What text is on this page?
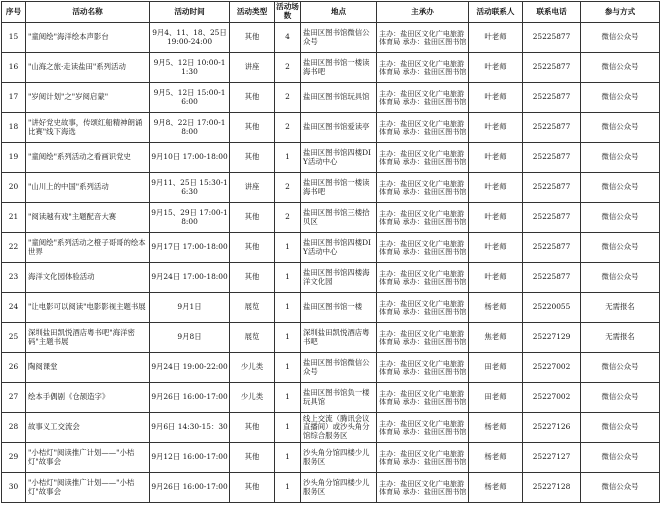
序号	活动名称	活动时间	活动类型	活动场数	地点	主承办	活动联系人	联系电话	参与方式
15	"童阅绘"海洋绘本声影台	9月4、11、18、25日 19:00-24:00	其他	4	盐田区图书馆微信公众号	主办：盐田区文化广电旅游体育局 承办：盐田区图书馆	叶老师	25225877	微信公众号
16	"山海之旅·走读盐田"系列活动	9月5、12日 10:00-11:30	讲座	2	盐田区图书馆一楼读海书吧	主办：盐田区文化广电旅游体育局 承办：盐田区图书馆	叶老师	25225877	微信公众号
17	"岁阅计划"之"岁阅启蒙"	9月5、12日 15:00-16:00	其他	2	盐田区图书馆玩具馆	主办：盐田区文化广电旅游体育局 承办：盐田区图书馆	叶老师	25225877	微信公众号
18	"讲好党史故事，传颂红船精神朗诵比赛"线下海选	9月8、22日 17:00-18:00	其他	2	盐田区图书馆爱读亭	主办：盐田区文化广电旅游体育局 承办：盐田区图书馆	叶老师	25225877	微信公众号
19	"童阅绘"系列活动之看画识党史	9月10日 17:00-18:00	其他	1	盐田区图书馆四楼DIY活动中心	主办：盐田区文化广电旅游体育局 承办：盐田区图书馆	叶老师	25225877	微信公众号
20	"山川上的中国"系列活动	9月11、25日 15:30-16:30	讲座	2	盐田区图书馆一楼读海书吧	主办：盐田区文化广电旅游体育局 承办：盐田区图书馆	叶老师	25225877	微信公众号
21	"阅读越有戏"主题配音大赛	9月15、29日 17:00-18:00	其他	2	盐田区图书馆三楼拾贝区	主办：盐田区文化广电旅游体育局 承办：盐田区图书馆	叶老师	25225877	微信公众号
22	"童阅绘"系列活动之橙子哥哥的绘本世界	9月17日 17:00-18:00	其他	1	盐田区图书馆四楼DIY活动中心	主办：盐田区文化广电旅游体育局 承办：盐田区图书馆	叶老师	25225877	微信公众号
23	海洋文化园体验活动	9月24日 17:00-18:00	其他	1	盐田区图书馆四楼海洋文化园	主办：盐田区文化广电旅游体育局 承办：盐田区图书馆	叶老师	25225877	微信公众号
24	"让电影可以阅读"电影影视主题书展	9月1日	展览	1	盐田区图书馆一楼	主办：盐田区文化广电旅游体育局 承办：盐田区图书馆	杨老师	25220055	无需报名
25	深圳盐田凯悦酒店粤书吧"海洋密码"主题书展	9月8日	展览	1	深圳盐田凯悦酒店粤书吧	主办：盐田区文化广电旅游体育局 承办：盐田区图书馆	焦老师	25227129	无需报名
26	陶阅课堂	9月24日 19:00-22:00	少儿类	1	盐田区图书馆微信公众号	主办：盐田区文化广电旅游体育局 承办：盐田区图书馆	田老师	25227002	微信公众号
27	绘本手偶剧《仓颉造字》	9月26日 16:00-17:00	少儿类	1	盐田区图书馆负一楼玩具馆	主办：盐田区文化广电旅游体育局 承办：盐田区图书馆	田老师	25227002	微信公众号
28	故事义工交流会	9月6日 14:30-15：30	其他	1	线上交流（腾讯会议直播间）或沙头角分馆综合服务区	主办：盐田区文化广电旅游体育局 承办：盐田区图书馆	杨老师	25227126	微信公众号
29	"小桔灯"阅读推广计划——"小桔灯"故事会	9月12日 16:00-17:00	其他	1	沙头角分馆四楼少儿服务区	主办：盐田区文化广电旅游体育局 承办：盐田区图书馆	杨老师	25227127	微信公众号
30	"小桔灯"阅读推广计划——"小桔灯"故事会	9月26日 16:00-17:00	其他	1	沙头角分馆四楼少儿服务区	主办：盐田区文化广电旅游体育局 承办：盐田区图书馆	杨老师	25227128	微信公众号
